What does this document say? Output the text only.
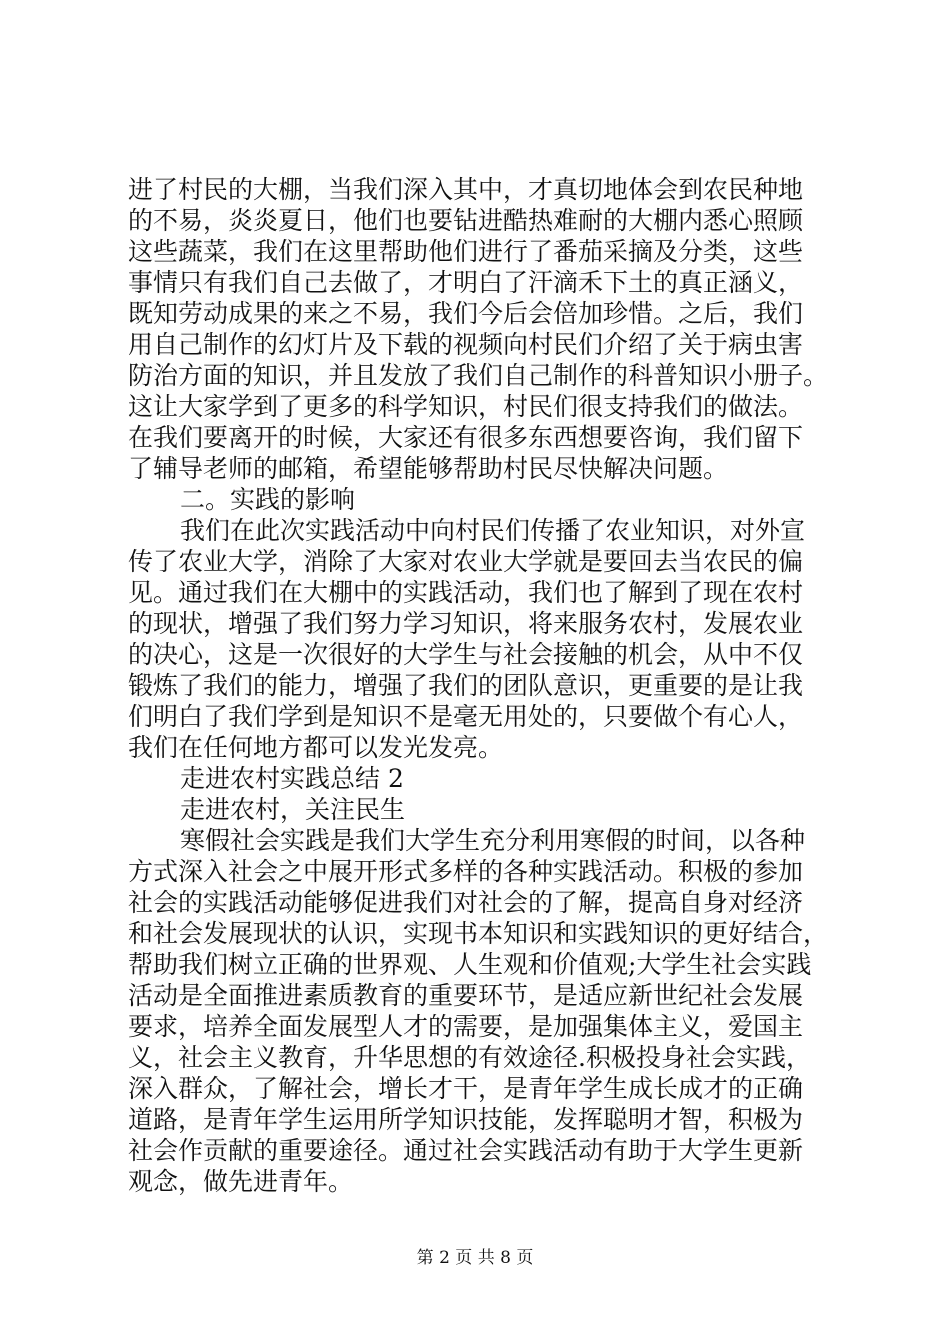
进了村民的大棚，当我们深入其中，才真切地体会到农民种地
的不易，炎炎夏日，他们也要钻进酷热难耐的大棚内悉心照顾
这些蔬菜，我们在这里帮助他们进行了番茄采摘及分类，这些
事情只有我们自己去做了，才明白了汗滴禾下土的真正涵义，
既知劳动成果的来之不易，我们今后会倍加珍惜。之后，我们
用自己制作的幻灯片及下载的视频向村民们介绍了关于病虫害
防治方面的知识，并且发放了我们自己制作的科普知识小册子。
这让大家学到了更多的科学知识，村民们很支持我们的做法。
在我们要离开的时候，大家还有很多东西想要咨询，我们留下
了辅导老师的邮箱，希望能够帮助村民尽快解决问题。
二。实践的影响
我们在此次实践活动中向村民们传播了农业知识，对外宣
传了农业大学，消除了大家对农业大学就是要回去当农民的偏
见。通过我们在大棚中的实践活动，我们也了解到了现在农村
的现状，增强了我们努力学习知识，将来服务农村，发展农业
的决心，这是一次很好的大学生与社会接触的机会，从中不仅
锻炼了我们的能力，增强了我们的团队意识，更重要的是让我
们明白了我们学到是知识不是毫无用处的，只要做个有心人，
我们在任何地方都可以发光发亮。
走进农村实践总结 2
走进农村，关注民生
寒假社会实践是我们大学生充分利用寒假的时间，以各种
方式深入社会之中展开形式多样的各种实践活动。积极的参加
社会的实践活动能够促进我们对社会的了解，提高自身对经济
和社会发展现状的认识，实现书本知识和实践知识的更好结合，
帮助我们树立正确的世界观、人生观和价值观;大学生社会实践
活动是全面推进素质教育的重要环节，是适应新世纪社会发展
要求，培养全面发展型人才的需要，是加强集体主义，爱国主
义，社会主义教育，升华思想的有效途径.积极投身社会实践，
深入群众，了解社会，增长才干，是青年学生成长成才的正确
道路，是青年学生运用所学知识技能，发挥聪明才智，积极为
社会作贡献的重要途径。通过社会实践活动有助于大学生更新
观念，做先进青年。
第 2 页 共 8 页
